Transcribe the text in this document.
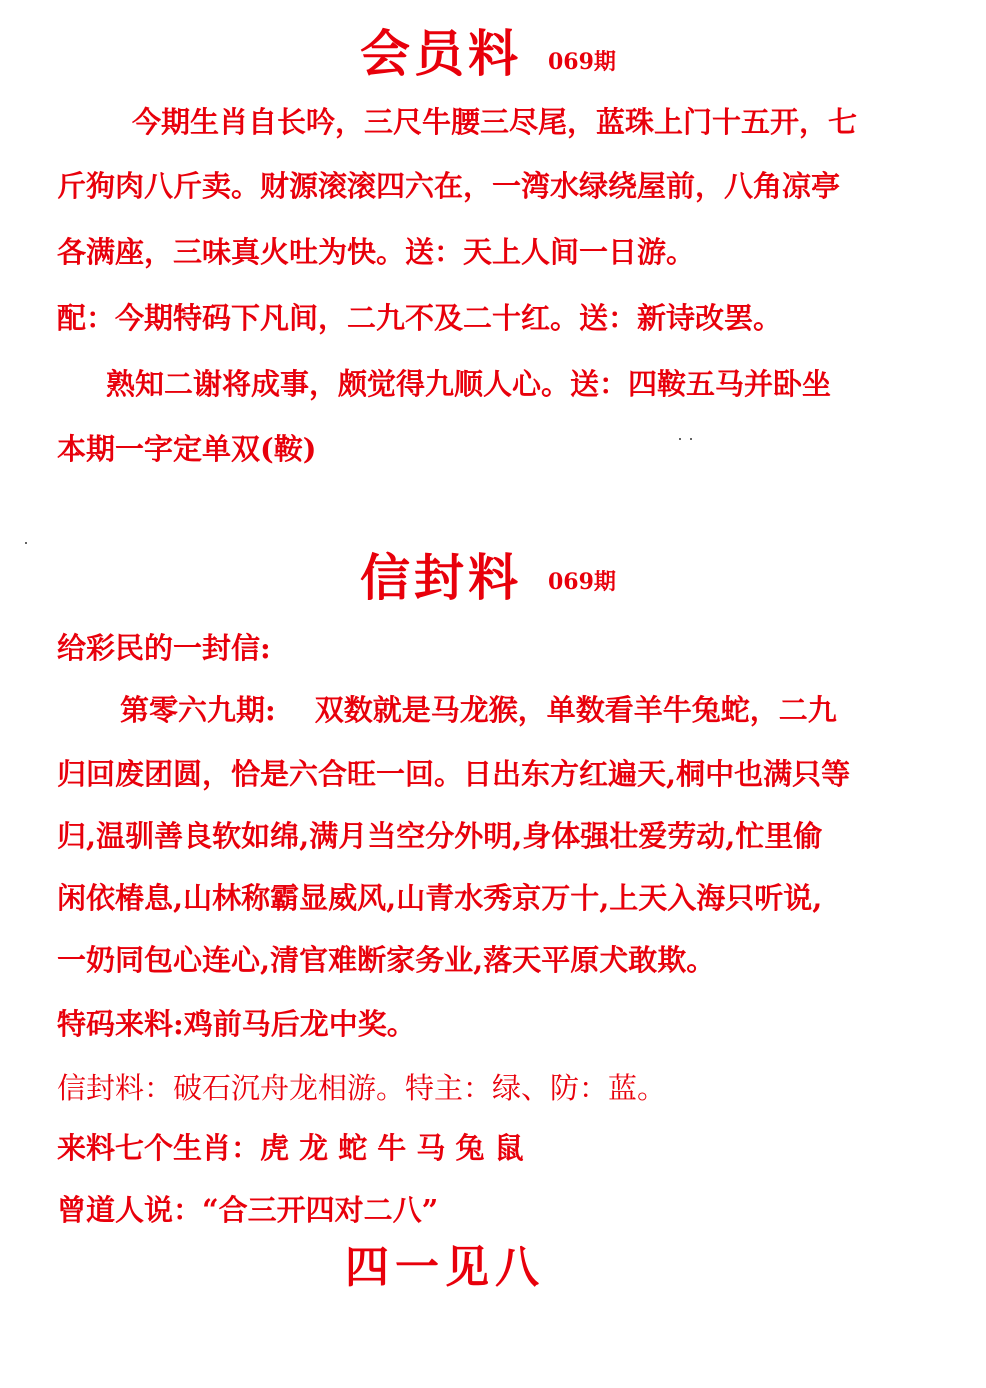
会员料 069期
今期生肖自长吟，三尺牛腰三尽尾，蓝珠上门十五开，七
斤狗肉八斤卖。财源滚滚四六在，一湾水绿绕屋前，八角凉亭
各满座，三味真火吐为快。送：天上人间一日游。
配：今期特码下凡间，二九不及二十红。送：新诗改罢。
熟知二谢将成事，颇觉得九顺人心。送：四鞍五马并卧坐
本期一字定单双(鞍)
信封料 069期
给彩民的一封信:
第零六九期:　 双数就是马龙猴，单数看羊牛兔蛇，二九
归回废团圆，恰是六合旺一回。日出东方红遍天,桐中也满只等
归,温驯善良软如绵,满月当空分外明,身体强壮爱劳动,忙里偷
闲依椿息,山林称霸显威风,山青水秀京万十,上天入海只听说,
一奶同包心连心,清官难断家务业,落天平原犬敢欺。
特码来料:鸡前马后龙中奖。
信封料：破石沉舟龙相游。特主：绿、防：蓝。
来料七个生肖：虎 龙 蛇 牛 马 兔 鼠
曾道人说：“合三开四对二八”
四一见八
